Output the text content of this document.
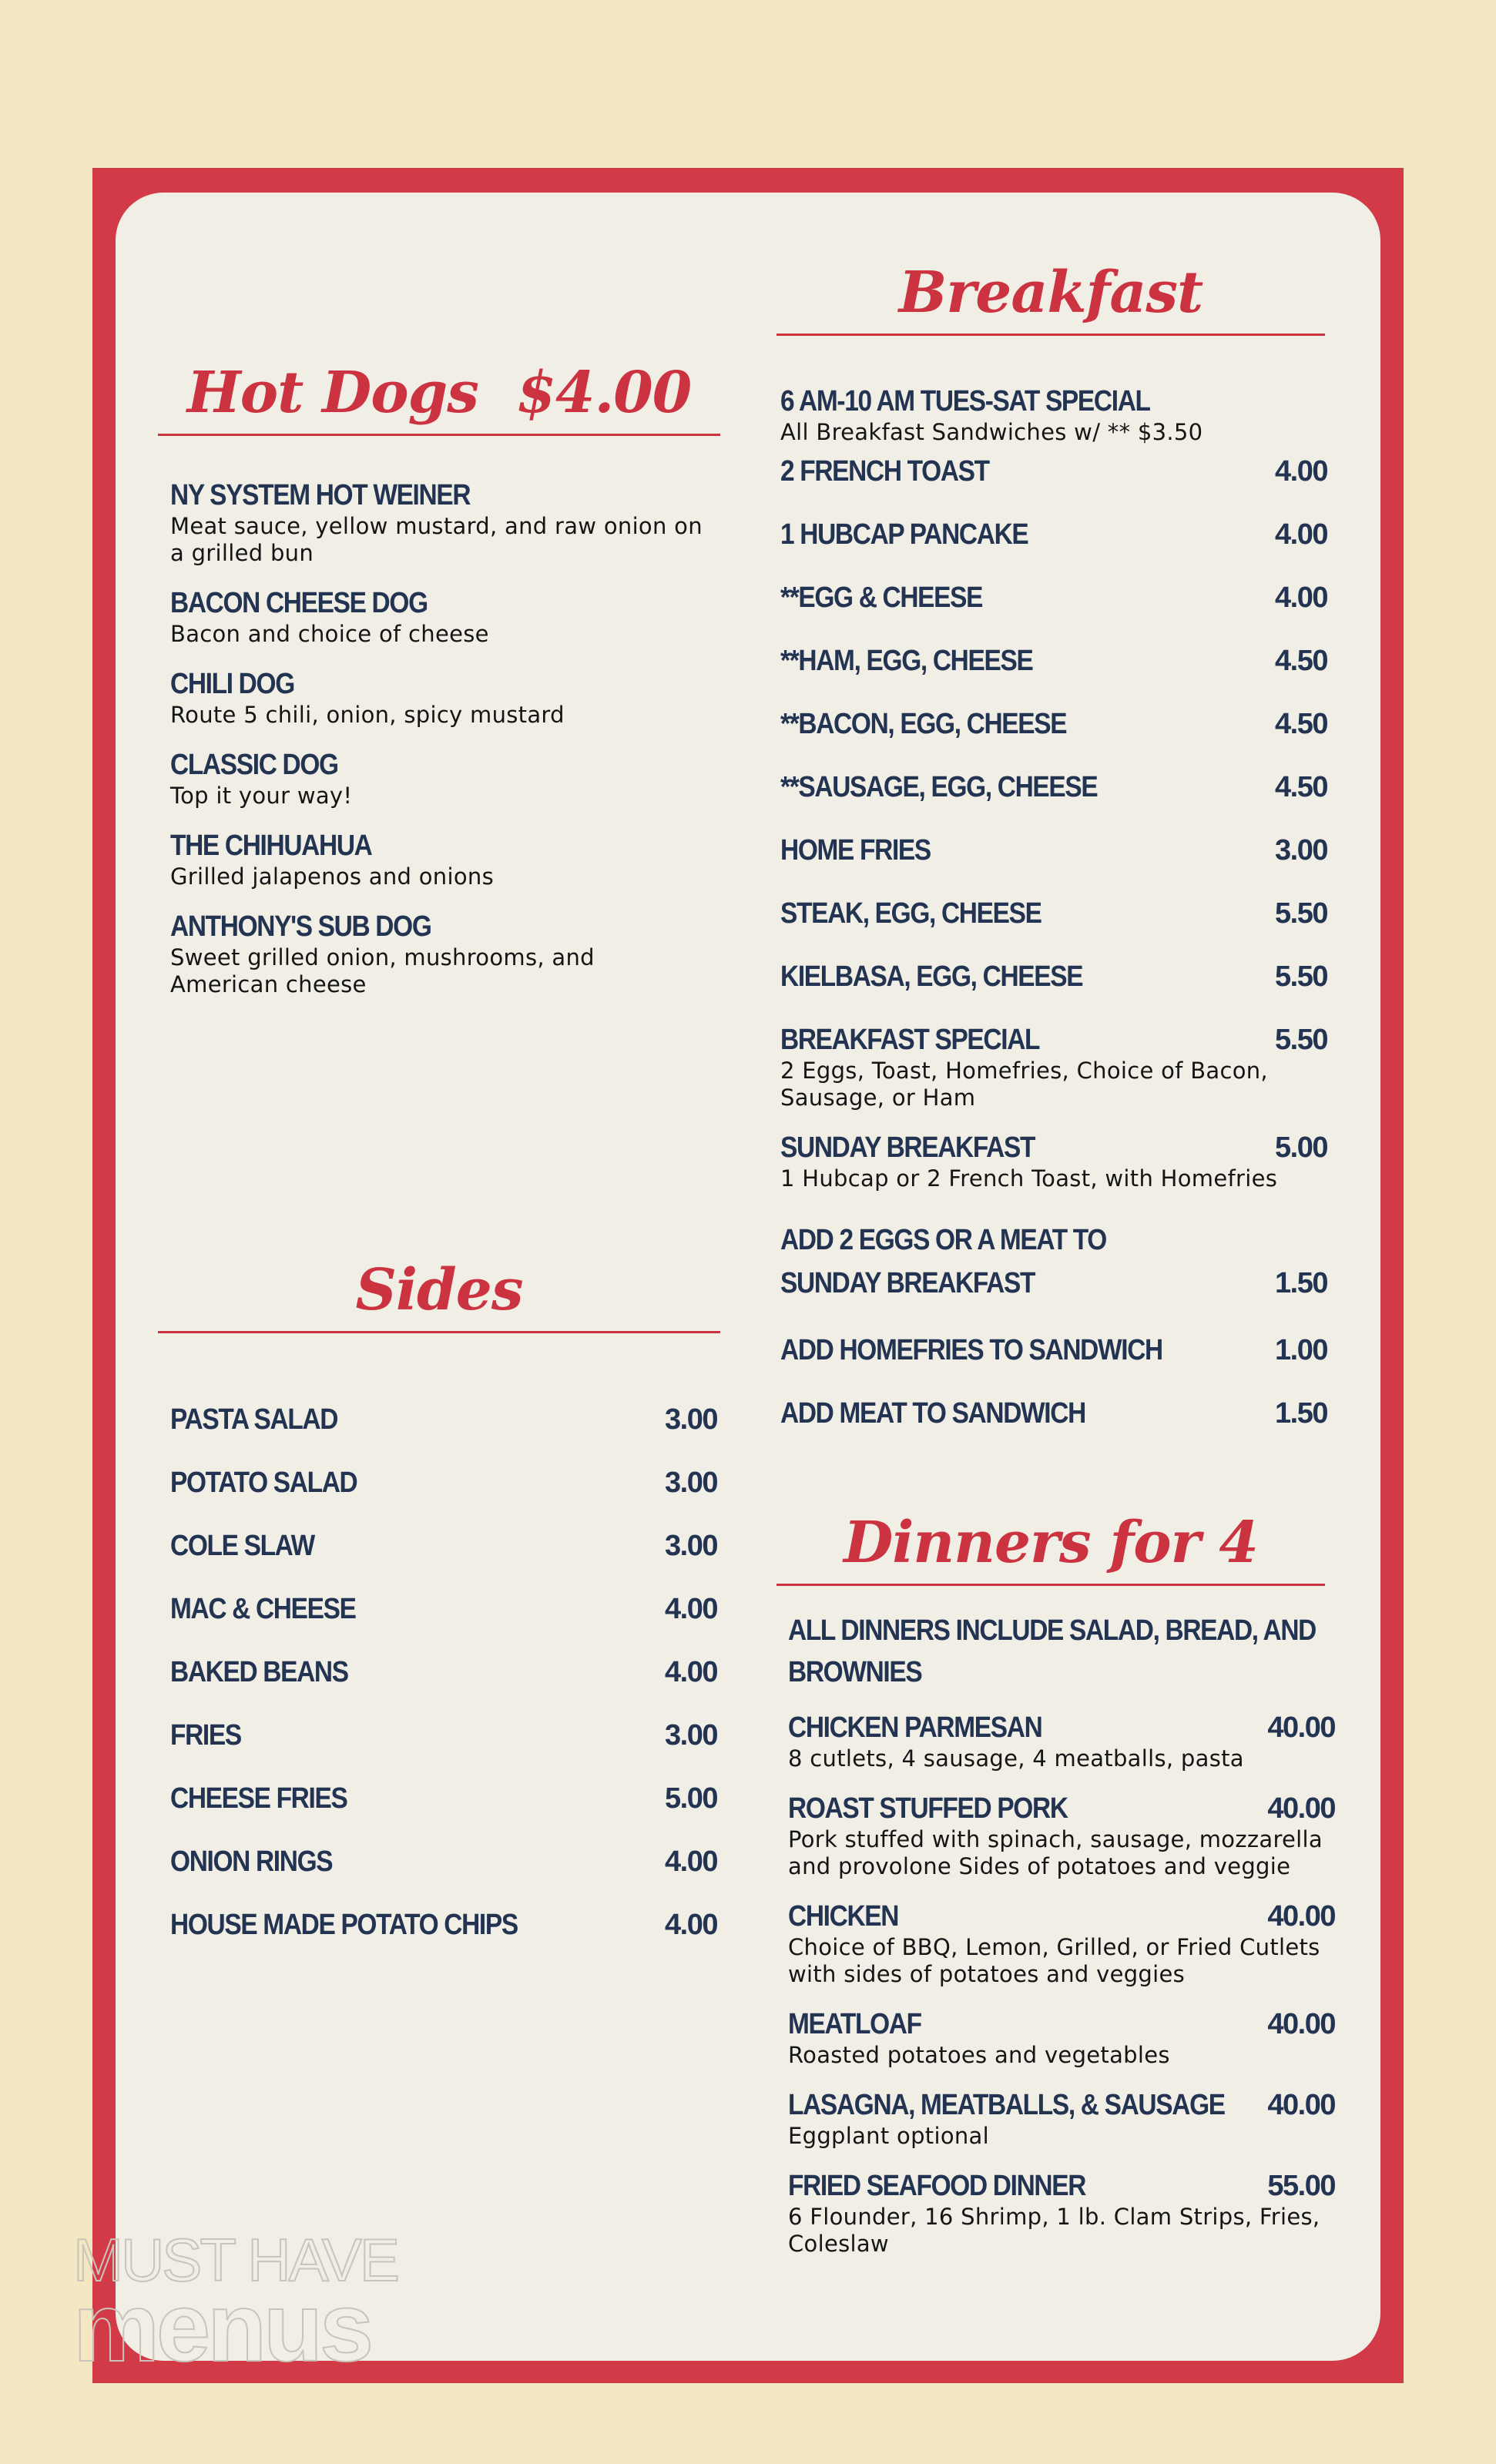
Hot Dogs  $4.00
NY SYSTEM HOT WEINER
Meat sauce, yellow mustard, and raw onion on a grilled bun
BACON CHEESE DOG
Bacon and choice of cheese
CHILI DOG
Route 5 chili, onion, spicy mustard
CLASSIC DOG
Top it your way!
THE CHIHUAHUA
Grilled jalapenos and onions
ANTHONY'S SUB DOG
Sweet grilled onion, mushrooms, and American cheese
Sides
PASTA SALAD	3.00
POTATO SALAD	3.00
COLE SLAW	3.00
MAC & CHEESE	4.00
BAKED BEANS	4.00
FRIES	3.00
CHEESE FRIES	5.00
ONION RINGS	4.00
HOUSE MADE POTATO CHIPS	4.00
Breakfast
6 AM-10 AM TUES-SAT SPECIAL
All Breakfast Sandwiches w/ ** $3.50
2 FRENCH TOAST	4.00
1 HUBCAP PANCAKE	4.00
**EGG & CHEESE	4.00
**HAM, EGG, CHEESE	4.50
**BACON, EGG, CHEESE	4.50
**SAUSAGE, EGG, CHEESE	4.50
HOME FRIES	3.00
STEAK, EGG, CHEESE	5.50
KIELBASA, EGG, CHEESE	5.50
BREAKFAST SPECIAL	5.50
2 Eggs, Toast, Homefries, Choice of Bacon, Sausage, or Ham
SUNDAY BREAKFAST	5.00
1 Hubcap or 2 French Toast, with Homefries
ADD 2 EGGS OR A MEAT TO
SUNDAY BREAKFAST	1.50
ADD HOMEFRIES TO SANDWICH	1.00
ADD MEAT TO SANDWICH	1.50
Dinners for 4
ALL DINNERS INCLUDE SALAD, BREAD, AND
BROWNIES
CHICKEN PARMESAN	40.00
8 cutlets, 4 sausage, 4 meatballs, pasta
ROAST STUFFED PORK	40.00
Pork stuffed with spinach, sausage, mozzarella and provolone Sides of potatoes and veggie
CHICKEN	40.00
Choice of BBQ, Lemon, Grilled, or Fried Cutlets with sides of potatoes and veggies
MEATLOAF	40.00
Roasted potatoes and vegetables
LASAGNA, MEATBALLS, & SAUSAGE	40.00
Eggplant optional
FRIED SEAFOOD DINNER	55.00
6 Flounder, 16 Shrimp, 1 lb. Clam Strips, Fries, Coleslaw
MUST HAVE
menus
